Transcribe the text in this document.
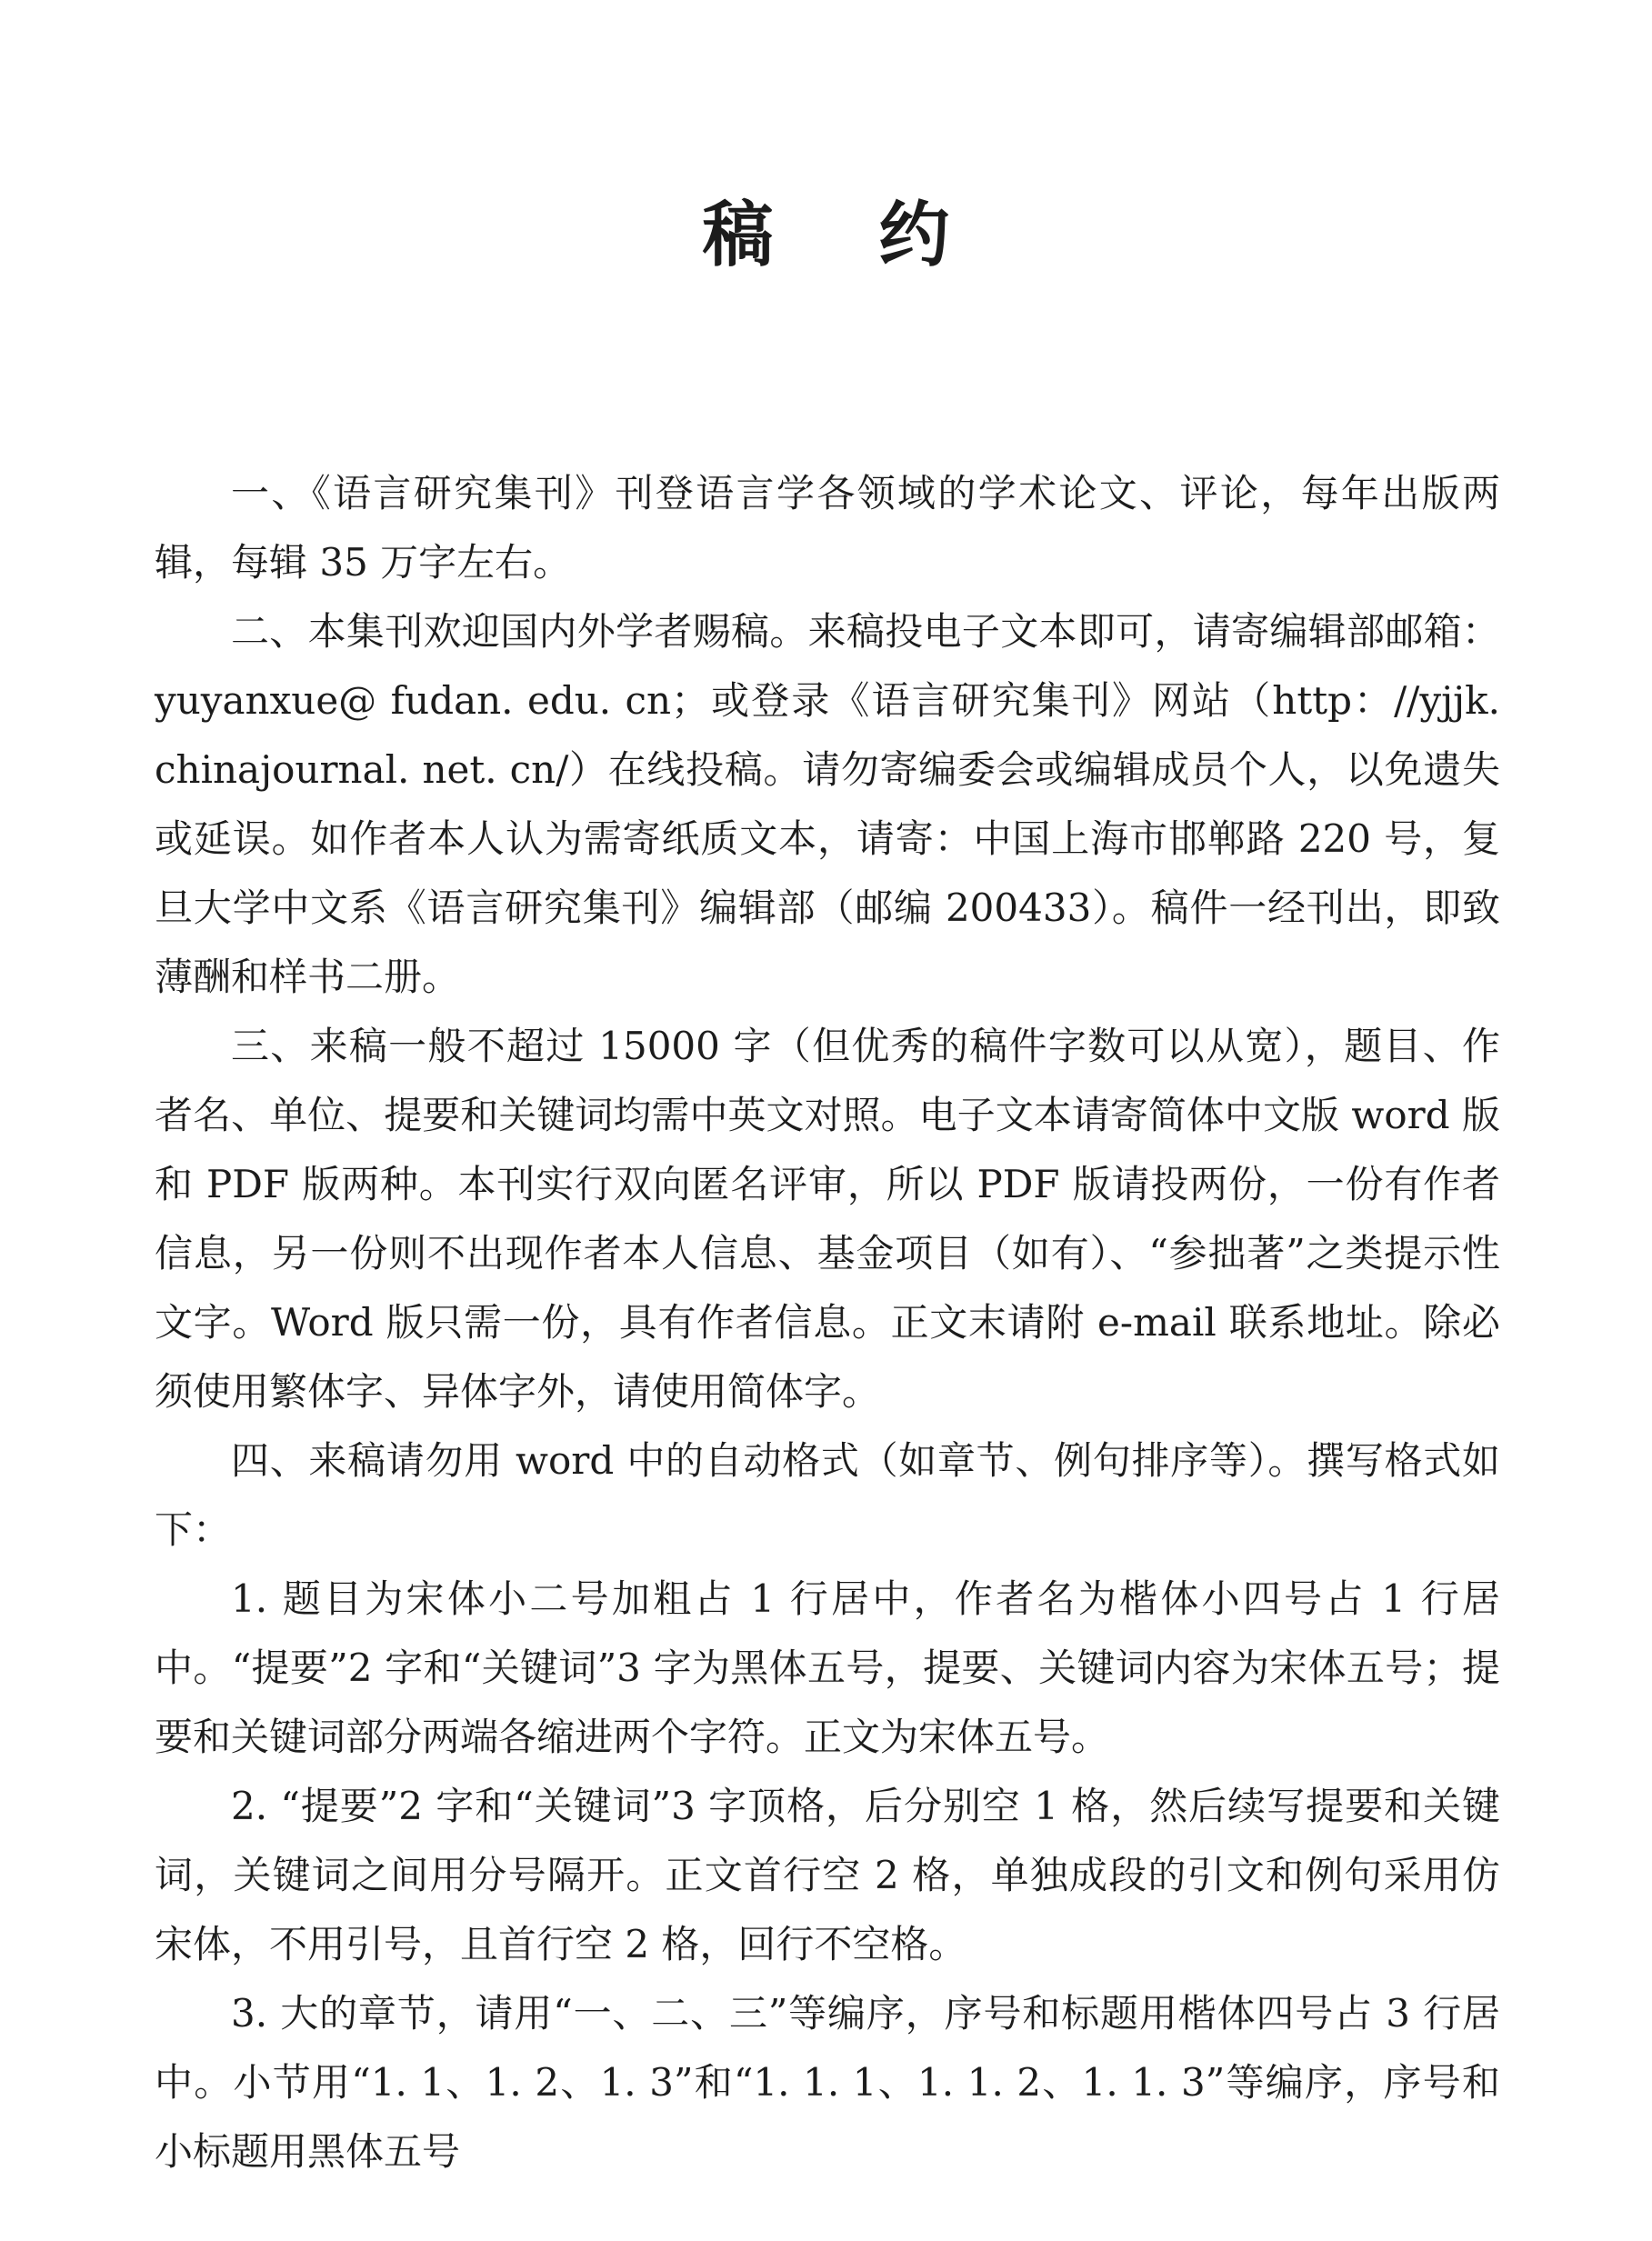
稿 约

一、《语言研究集刊》刊登语言学各领域的学术论文、评论，每年出版两辑，每辑 35 万字左右。

二、本集刊欢迎国内外学者赐稿。来稿投电子文本即可，请寄编辑部邮箱：yuyanxue@ fudan. edu. cn；或登录《语言研究集刊》网站（http：//yjjk. chinajournal. net. cn/）在线投稿。请勿寄编委会或编辑成员个人，以免遗失或延误。如作者本人认为需寄纸质文本，请寄：中国上海市邯郸路 220 号，复旦大学中文系《语言研究集刊》编辑部（邮编 200433）。稿件一经刊出，即致薄酬和样书二册。

三、来稿一般不超过 15000 字（但优秀的稿件字数可以从宽），题目、作者名、单位、提要和关键词均需中英文对照。电子文本请寄简体中文版 word 版和 PDF 版两种。本刊实行双向匿名评审，所以 PDF 版请投两份，一份有作者信息，另一份则不出现作者本人信息、基金项目（如有）、“参拙著”之类提示性文字。Word 版只需一份，具有作者信息。正文末请附 e-mail 联系地址。除必须使用繁体字、异体字外，请使用简体字。

四、来稿请勿用 word 中的自动格式（如章节、例句排序等）。撰写格式如下：

1. 题目为宋体小二号加粗占 1 行居中，作者名为楷体小四号占 1 行居中。“提要”2 字和“关键词”3 字为黑体五号，提要、关键词内容为宋体五号；提要和关键词部分两端各缩进两个字符。正文为宋体五号。

2. “提要”2 字和“关键词”3 字顶格，后分别空 1 格，然后续写提要和关键词，关键词之间用分号隔开。正文首行空 2 格，单独成段的引文和例句采用仿宋体，不用引号，且首行空 2 格，回行不空格。

3. 大的章节，请用“一、二、三”等编序，序号和标题用楷体四号占 3 行居中。小节用“1. 1、1. 2、1. 3”和“1. 1. 1、1. 1. 2、1. 1. 3”等编序，序号和小标题用黑体五号
